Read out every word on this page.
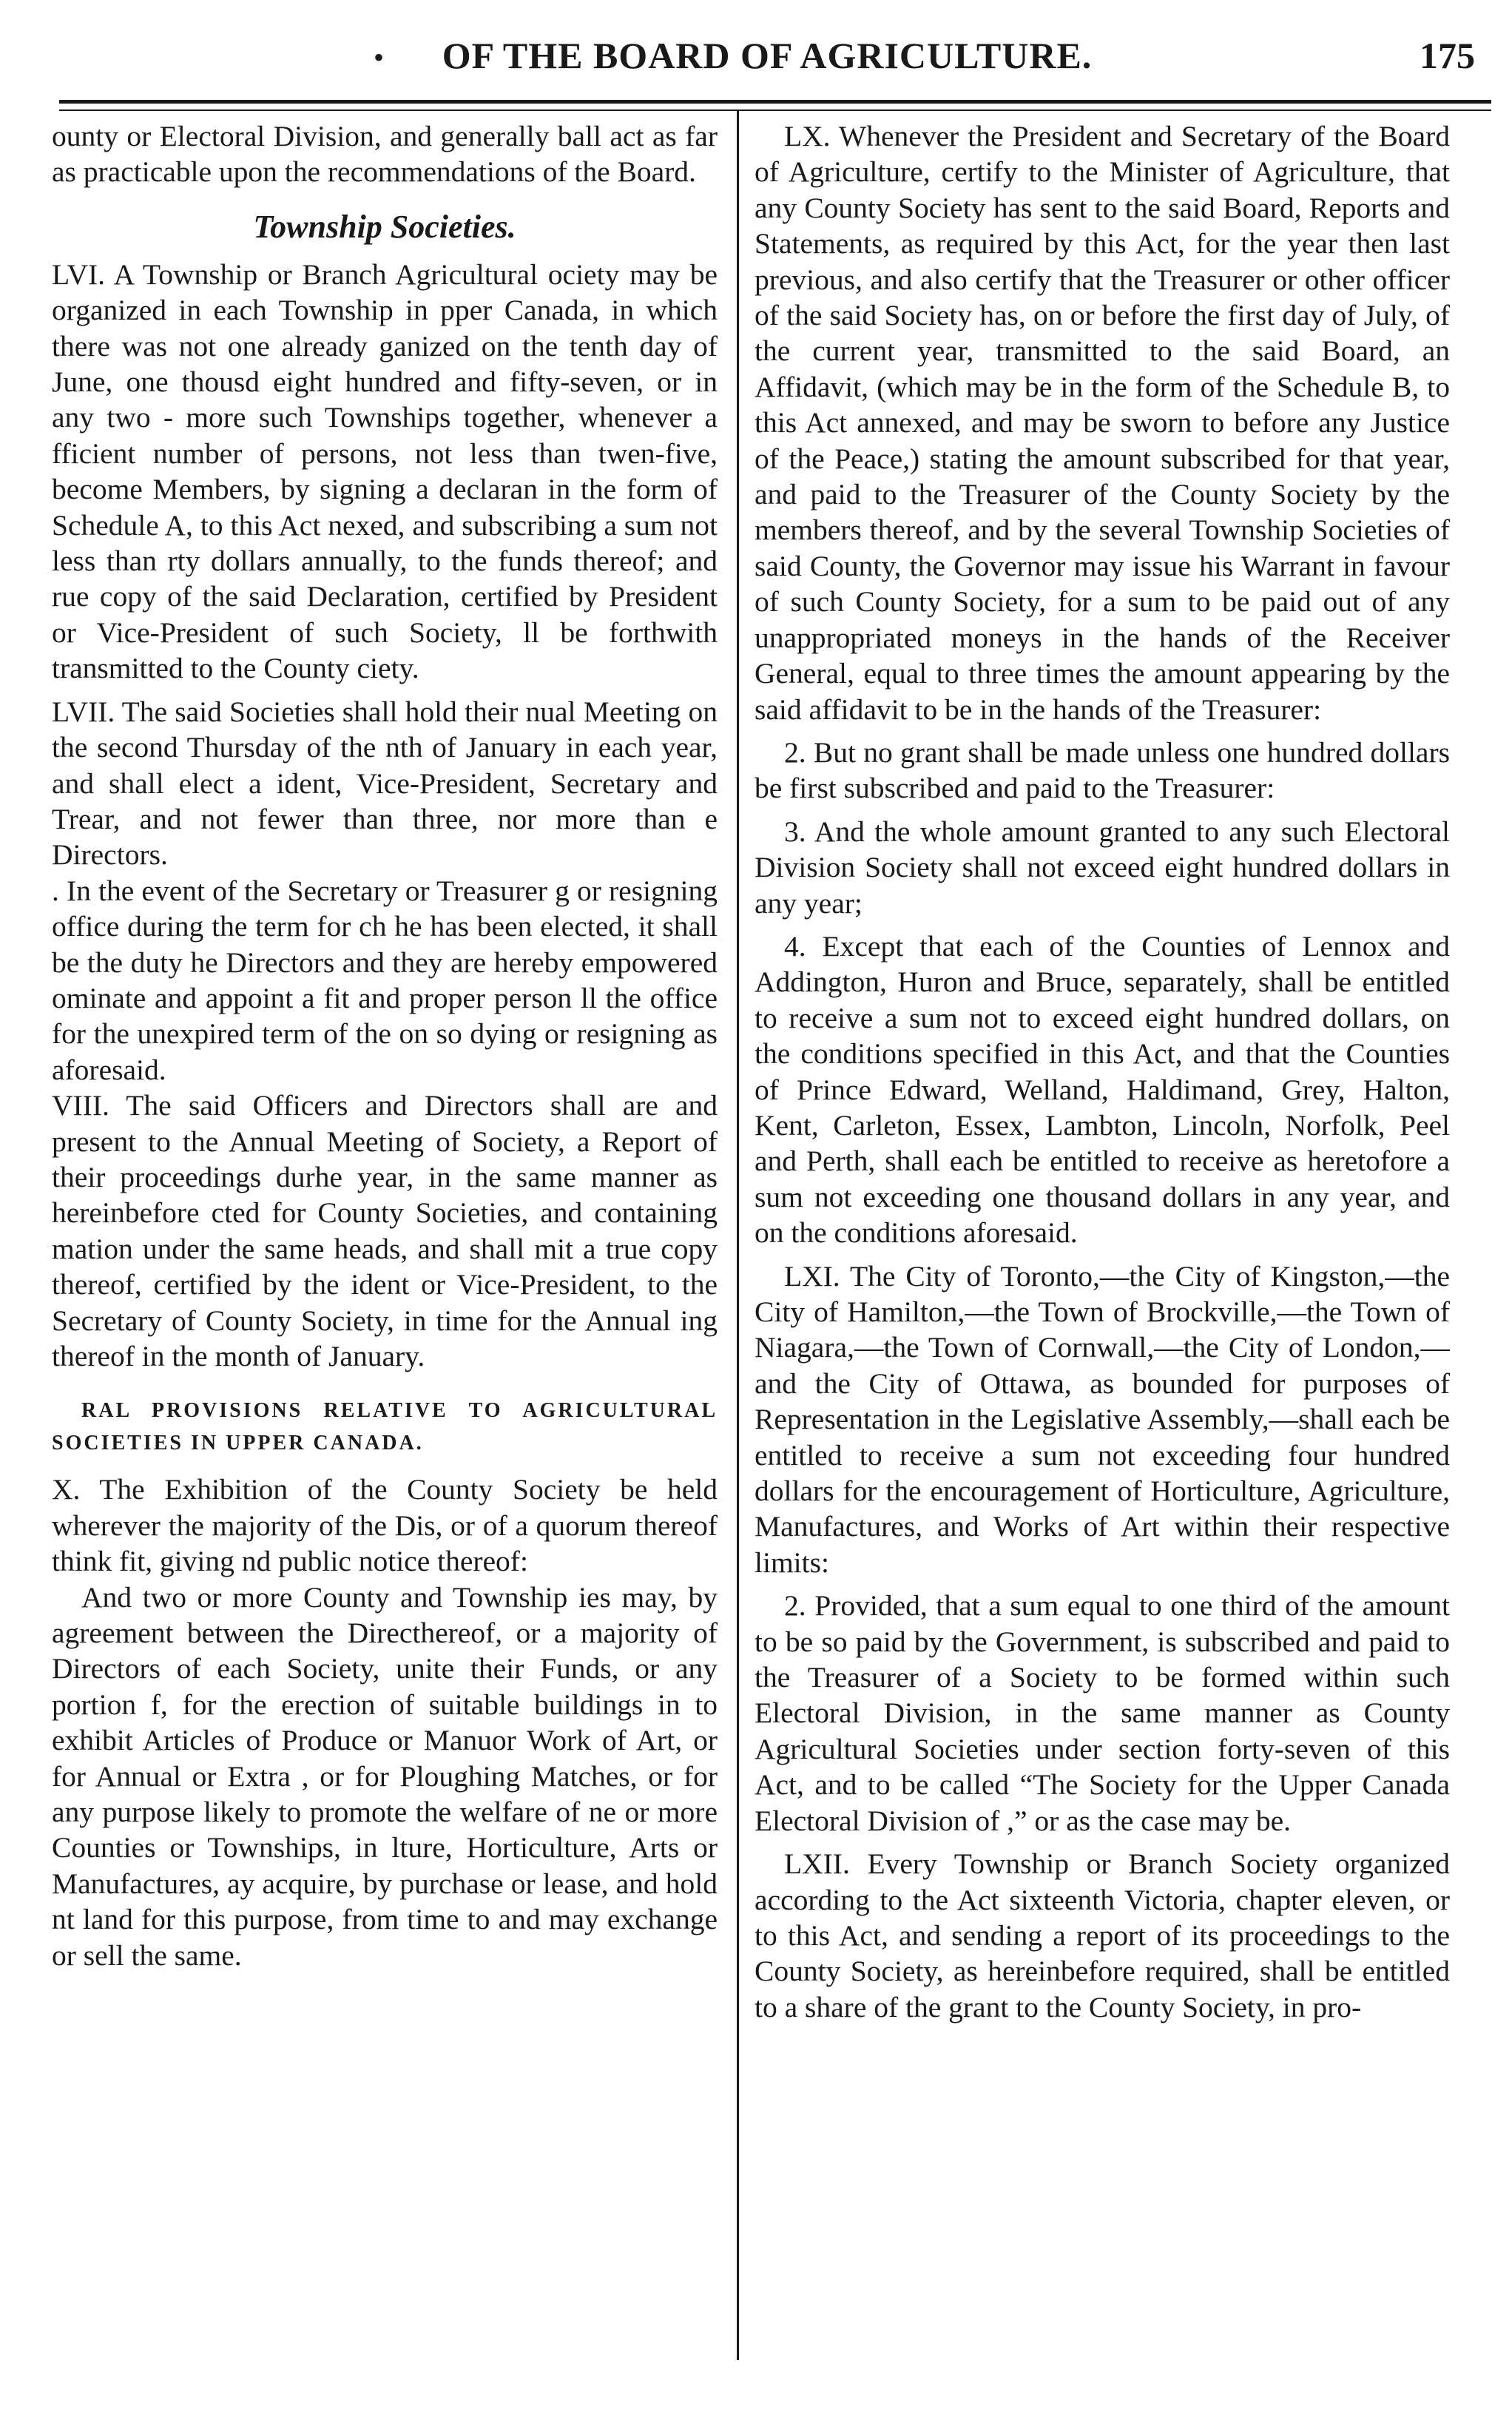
•	OF THE BOARD OF AGRICULTURE.	175

ounty or Electoral Division, and generally ball act as far as practicable upon the recommendations of the Board.

Township Societies.

LVI. A Township or Branch Agricultural ociety may be organized in each Township in pper Canada, in which there was not one already ganized on the tenth day of June, one thousd eight hundred and fifty-seven, or in any two - more such Townships together, whenever a fficient number of persons, not less than twen-five, become Members, by signing a declaran in the form of Schedule A, to this Act nexed, and subscribing a sum not less than rty dollars annually, to the funds thereof; and rue copy of the said Declaration, certified by President or Vice-President of such Society, ll be forthwith transmitted to the County ciety.

LVII. The said Societies shall hold their nual Meeting on the second Thursday of the nth of January in each year, and shall elect a ident, Vice-President, Secretary and Trear, and not fewer than three, nor more than e Directors.

. In the event of the Secretary or Treasurer g or resigning office during the term for ch he has been elected, it shall be the duty he Directors and they are hereby empowered ominate and appoint a fit and proper person ll the office for the unexpired term of the on so dying or resigning as aforesaid.

VIII. The said Officers and Directors shall are and present to the Annual Meeting of Society, a Report of their proceedings durhe year, in the same manner as hereinbefore cted for County Societies, and containing mation under the same heads, and shall mit a true copy thereof, certified by the ident or Vice-President, to the Secretary of County Society, in time for the Annual ing thereof in the month of January.

RAL PROVISIONS RELATIVE TO AGRICULTURAL SOCIETIES IN UPPER CANADA.

X. The Exhibition of the County Society be held wherever the majority of the Dis, or of a quorum thereof think fit, giving nd public notice thereof:

And two or more County and Township ies may, by agreement between the Directhereof, or a majority of Directors of each Society, unite their Funds, or any portion f, for the erection of suitable buildings in to exhibit Articles of Produce or Manuor Work of Art, or for Annual or Extra , or for Ploughing Matches, or for any purpose likely to promote the welfare of ne or more Counties or Townships, in lture, Horticulture, Arts or Manufactures, ay acquire, by purchase or lease, and hold nt land for this purpose, from time to and may exchange or sell the same.

LX. Whenever the President and Secretary of the Board of Agriculture, certify to the Minister of Agriculture, that any County Society has sent to the said Board, Reports and Statements, as required by this Act, for the year then last previous, and also certify that the Treasurer or other officer of the said Society has, on or before the first day of July, of the current year, transmitted to the said Board, an Affidavit, (which may be in the form of the Schedule B, to this Act annexed, and may be sworn to before any Justice of the Peace,) stating the amount subscribed for that year, and paid to the Treasurer of the County Society by the members thereof, and by the several Township Societies of said County, the Governor may issue his Warrant in favour of such County Society, for a sum to be paid out of any unappropriated moneys in the hands of the Receiver General, equal to three times the amount appearing by the said affidavit to be in the hands of the Treasurer:

2. But no grant shall be made unless one hundred dollars be first subscribed and paid to the Treasurer:

3. And the whole amount granted to any such Electoral Division Society shall not exceed eight hundred dollars in any year;

4. Except that each of the Counties of Lennox and Addington, Huron and Bruce, separately, shall be entitled to receive a sum not to exceed eight hundred dollars, on the conditions specified in this Act, and that the Counties of Prince Edward, Welland, Haldimand, Grey, Halton, Kent, Carleton, Essex, Lambton, Lincoln, Norfolk, Peel and Perth, shall each be entitled to receive as heretofore a sum not exceeding one thousand dollars in any year, and on the conditions aforesaid.

LXI. The City of Toronto,—the City of Kingston,—the City of Hamilton,—the Town of Brockville,—the Town of Niagara,—the Town of Cornwall,—the City of London,—and the City of Ottawa, as bounded for purposes of Representation in the Legislative Assembly,—shall each be entitled to receive a sum not exceeding four hundred dollars for the encouragement of Horticulture, Agriculture, Manufactures, and Works of Art within their respective limits:

2. Provided, that a sum equal to one third of the amount to be so paid by the Government, is subscribed and paid to the Treasurer of a Society to be formed within such Electoral Division, in the same manner as County Agricultural Societies under section forty-seven of this Act, and to be called “The Society for the Upper Canada Electoral Division of ,” or as the case may be.

LXII. Every Township or Branch Society organized according to the Act sixteenth Victoria, chapter eleven, or to this Act, and sending a report of its proceedings to the County Society, as hereinbefore required, shall be entitled to a share of the grant to the County Society, in pro-
